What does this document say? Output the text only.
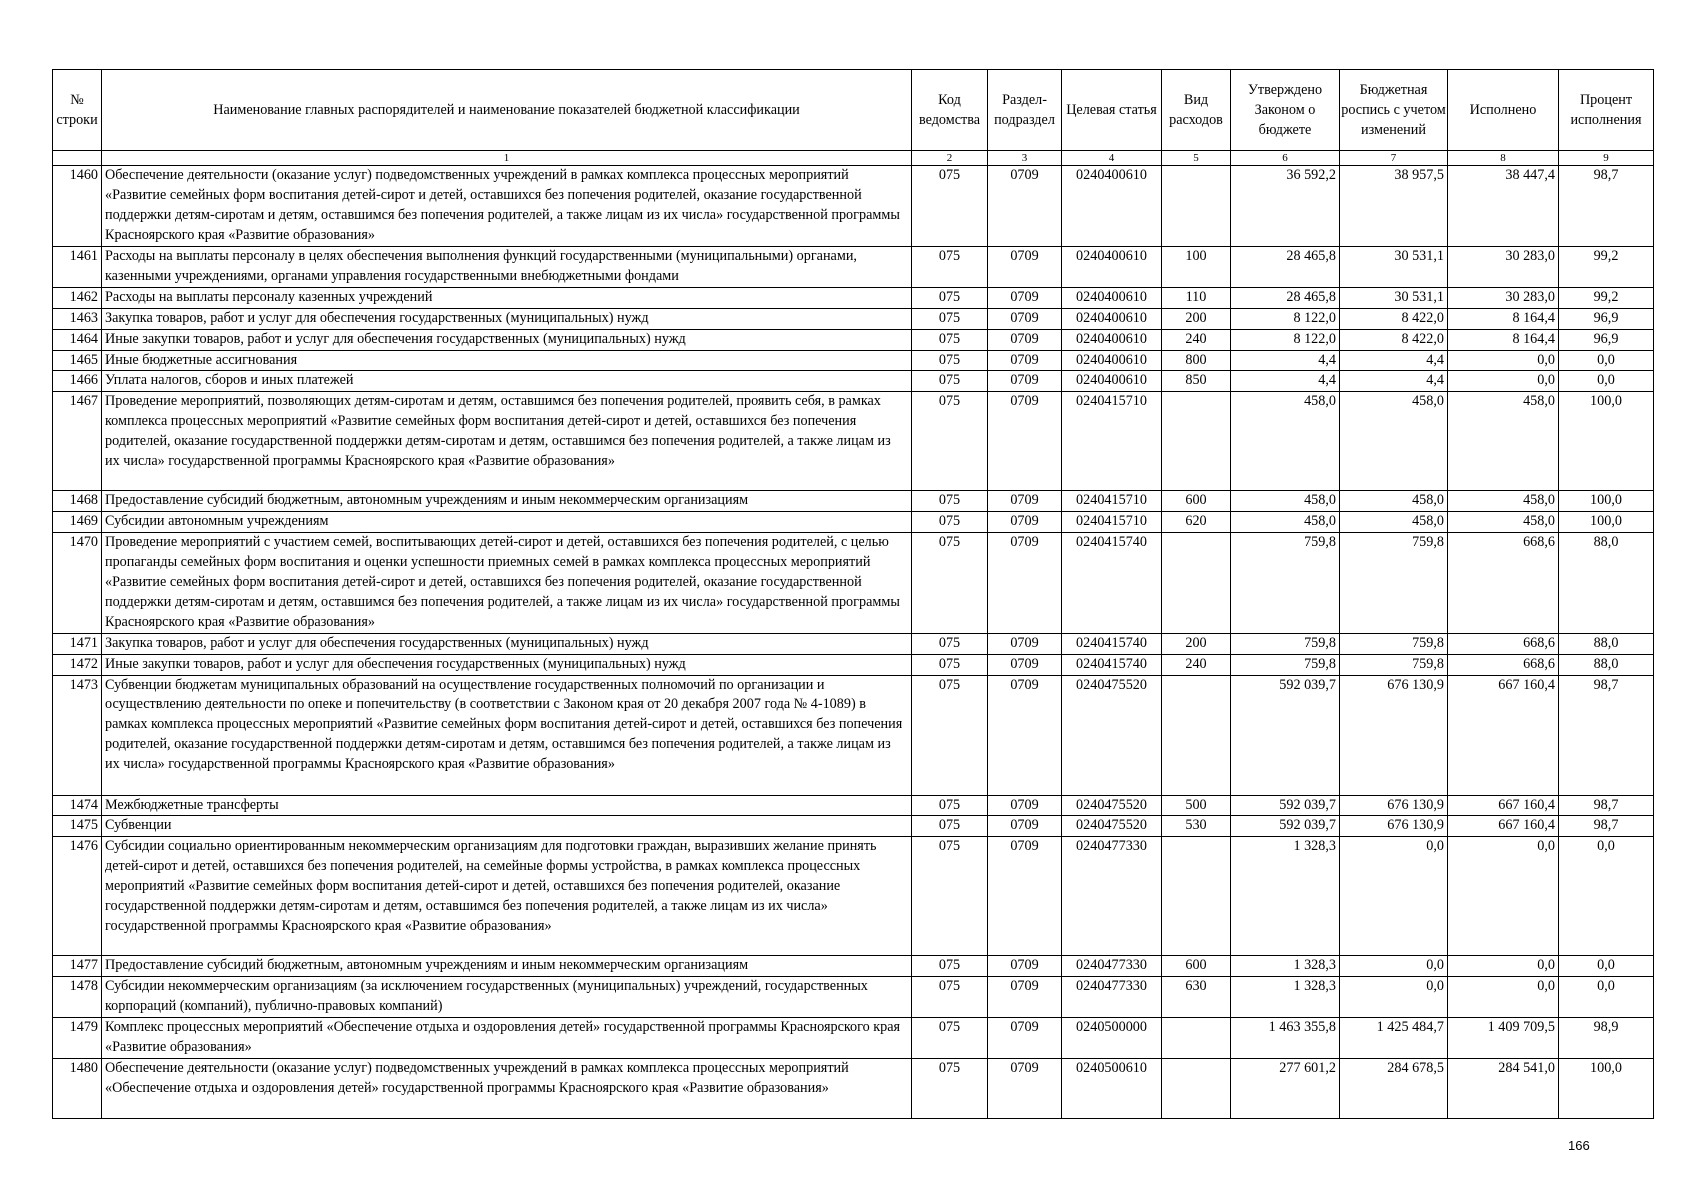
№ строки	Наименование главных распорядителей и наименование показателей бюджетной классификации	Код ведомства	Раздел-подраздел	Целевая статья	Вид расходов	Утверждено Законом о бюджете	Бюджетная роспись с учетом изменений	Исполнено	Процент исполнения
	1	2	3	4	5	6	7	8	9
1460	Обеспечение деятельности (оказание услуг) подведомственных учреждений в рамках комплекса процессных мероприятий «Развитие семейных форм воспитания детей-сирот и детей, оставшихся без попечения родителей, оказание государственной поддержки детям-сиротам и детям, оставшимся без попечения родителей, а также лицам из их числа» государственной программы Красноярского края «Развитие образования»	075	0709	0240400610		36 592,2	38 957,5	38 447,4	98,7
1461	Расходы на выплаты персоналу в целях обеспечения выполнения функций государственными (муниципальными) органами, казенными учреждениями, органами управления государственными внебюджетными фондами	075	0709	0240400610	100	28 465,8	30 531,1	30 283,0	99,2
1462	Расходы на выплаты персоналу казенных учреждений	075	0709	0240400610	110	28 465,8	30 531,1	30 283,0	99,2
1463	Закупка товаров, работ и услуг для обеспечения государственных (муниципальных) нужд	075	0709	0240400610	200	8 122,0	8 422,0	8 164,4	96,9
1464	Иные закупки товаров, работ и услуг для обеспечения государственных (муниципальных) нужд	075	0709	0240400610	240	8 122,0	8 422,0	8 164,4	96,9
1465	Иные бюджетные ассигнования	075	0709	0240400610	800	4,4	4,4	0,0	0,0
1466	Уплата налогов, сборов и иных платежей	075	0709	0240400610	850	4,4	4,4	0,0	0,0
1467	Проведение мероприятий, позволяющих детям-сиротам и детям, оставшимся без попечения родителей, проявить себя, в рамках комплекса процессных мероприятий «Развитие семейных форм воспитания детей-сирот и детей, оставшихся без попечения родителей, оказание государственной поддержки детям-сиротам и детям, оставшимся без попечения родителей, а также лицам из их числа» государственной программы Красноярского края «Развитие образования»	075	0709	0240415710		458,0	458,0	458,0	100,0
1468	Предоставление субсидий бюджетным, автономным учреждениям и иным некоммерческим организациям	075	0709	0240415710	600	458,0	458,0	458,0	100,0
1469	Субсидии автономным учреждениям	075	0709	0240415710	620	458,0	458,0	458,0	100,0
1470	Проведение мероприятий с участием семей, воспитывающих детей-сирот и детей, оставшихся без попечения родителей, с целью пропаганды семейных форм воспитания и оценки успешности приемных семей в рамках комплекса процессных мероприятий «Развитие семейных форм воспитания детей-сирот и детей, оставшихся без попечения родителей, оказание государственной поддержки детям-сиротам и детям, оставшимся без попечения родителей, а также лицам из их числа» государственной программы Красноярского края «Развитие образования»	075	0709	0240415740		759,8	759,8	668,6	88,0
1471	Закупка товаров, работ и услуг для обеспечения государственных (муниципальных) нужд	075	0709	0240415740	200	759,8	759,8	668,6	88,0
1472	Иные закупки товаров, работ и услуг для обеспечения государственных (муниципальных) нужд	075	0709	0240415740	240	759,8	759,8	668,6	88,0
1473	Субвенции бюджетам муниципальных образований на осуществление государственных полномочий по организации и осуществлению деятельности по опеке и попечительству (в соответствии с Законом края от 20 декабря 2007 года № 4-1089) в рамках комплекса процессных мероприятий «Развитие семейных форм воспитания детей-сирот и детей, оставшихся без попечения родителей, оказание государственной поддержки детям-сиротам и детям, оставшимся без попечения родителей, а также лицам из их числа» государственной программы Красноярского края «Развитие образования»	075	0709	0240475520		592 039,7	676 130,9	667 160,4	98,7
1474	Межбюджетные трансферты	075	0709	0240475520	500	592 039,7	676 130,9	667 160,4	98,7
1475	Субвенции	075	0709	0240475520	530	592 039,7	676 130,9	667 160,4	98,7
1476	Субсидии социально ориентированным некоммерческим организациям для подготовки граждан, выразивших желание принять детей-сирот и детей, оставшихся без попечения родителей, на семейные формы устройства, в рамках комплекса процессных мероприятий «Развитие семейных форм воспитания детей-сирот и детей, оставшихся без попечения родителей, оказание государственной поддержки детям-сиротам и детям, оставшимся без попечения родителей, а также лицам из их числа» государственной программы Красноярского края «Развитие образования»	075	0709	0240477330		1 328,3	0,0	0,0	0,0
1477	Предоставление субсидий бюджетным, автономным учреждениям и иным некоммерческим организациям	075	0709	0240477330	600	1 328,3	0,0	0,0	0,0
1478	Субсидии некоммерческим организациям (за исключением государственных (муниципальных) учреждений, государственных корпораций (компаний), публично-правовых компаний)	075	0709	0240477330	630	1 328,3	0,0	0,0	0,0
1479	Комплекс процессных мероприятий «Обеспечение отдыха и оздоровления детей» государственной программы Красноярского края «Развитие образования»	075	0709	0240500000		1 463 355,8	1 425 484,7	1 409 709,5	98,9
1480	Обеспечение деятельности (оказание услуг) подведомственных учреждений в рамках комплекса процессных мероприятий «Обеспечение отдыха и оздоровления детей» государственной программы Красноярского края «Развитие образования»	075	0709	0240500610		277 601,2	284 678,5	284 541,0	100,0
166
